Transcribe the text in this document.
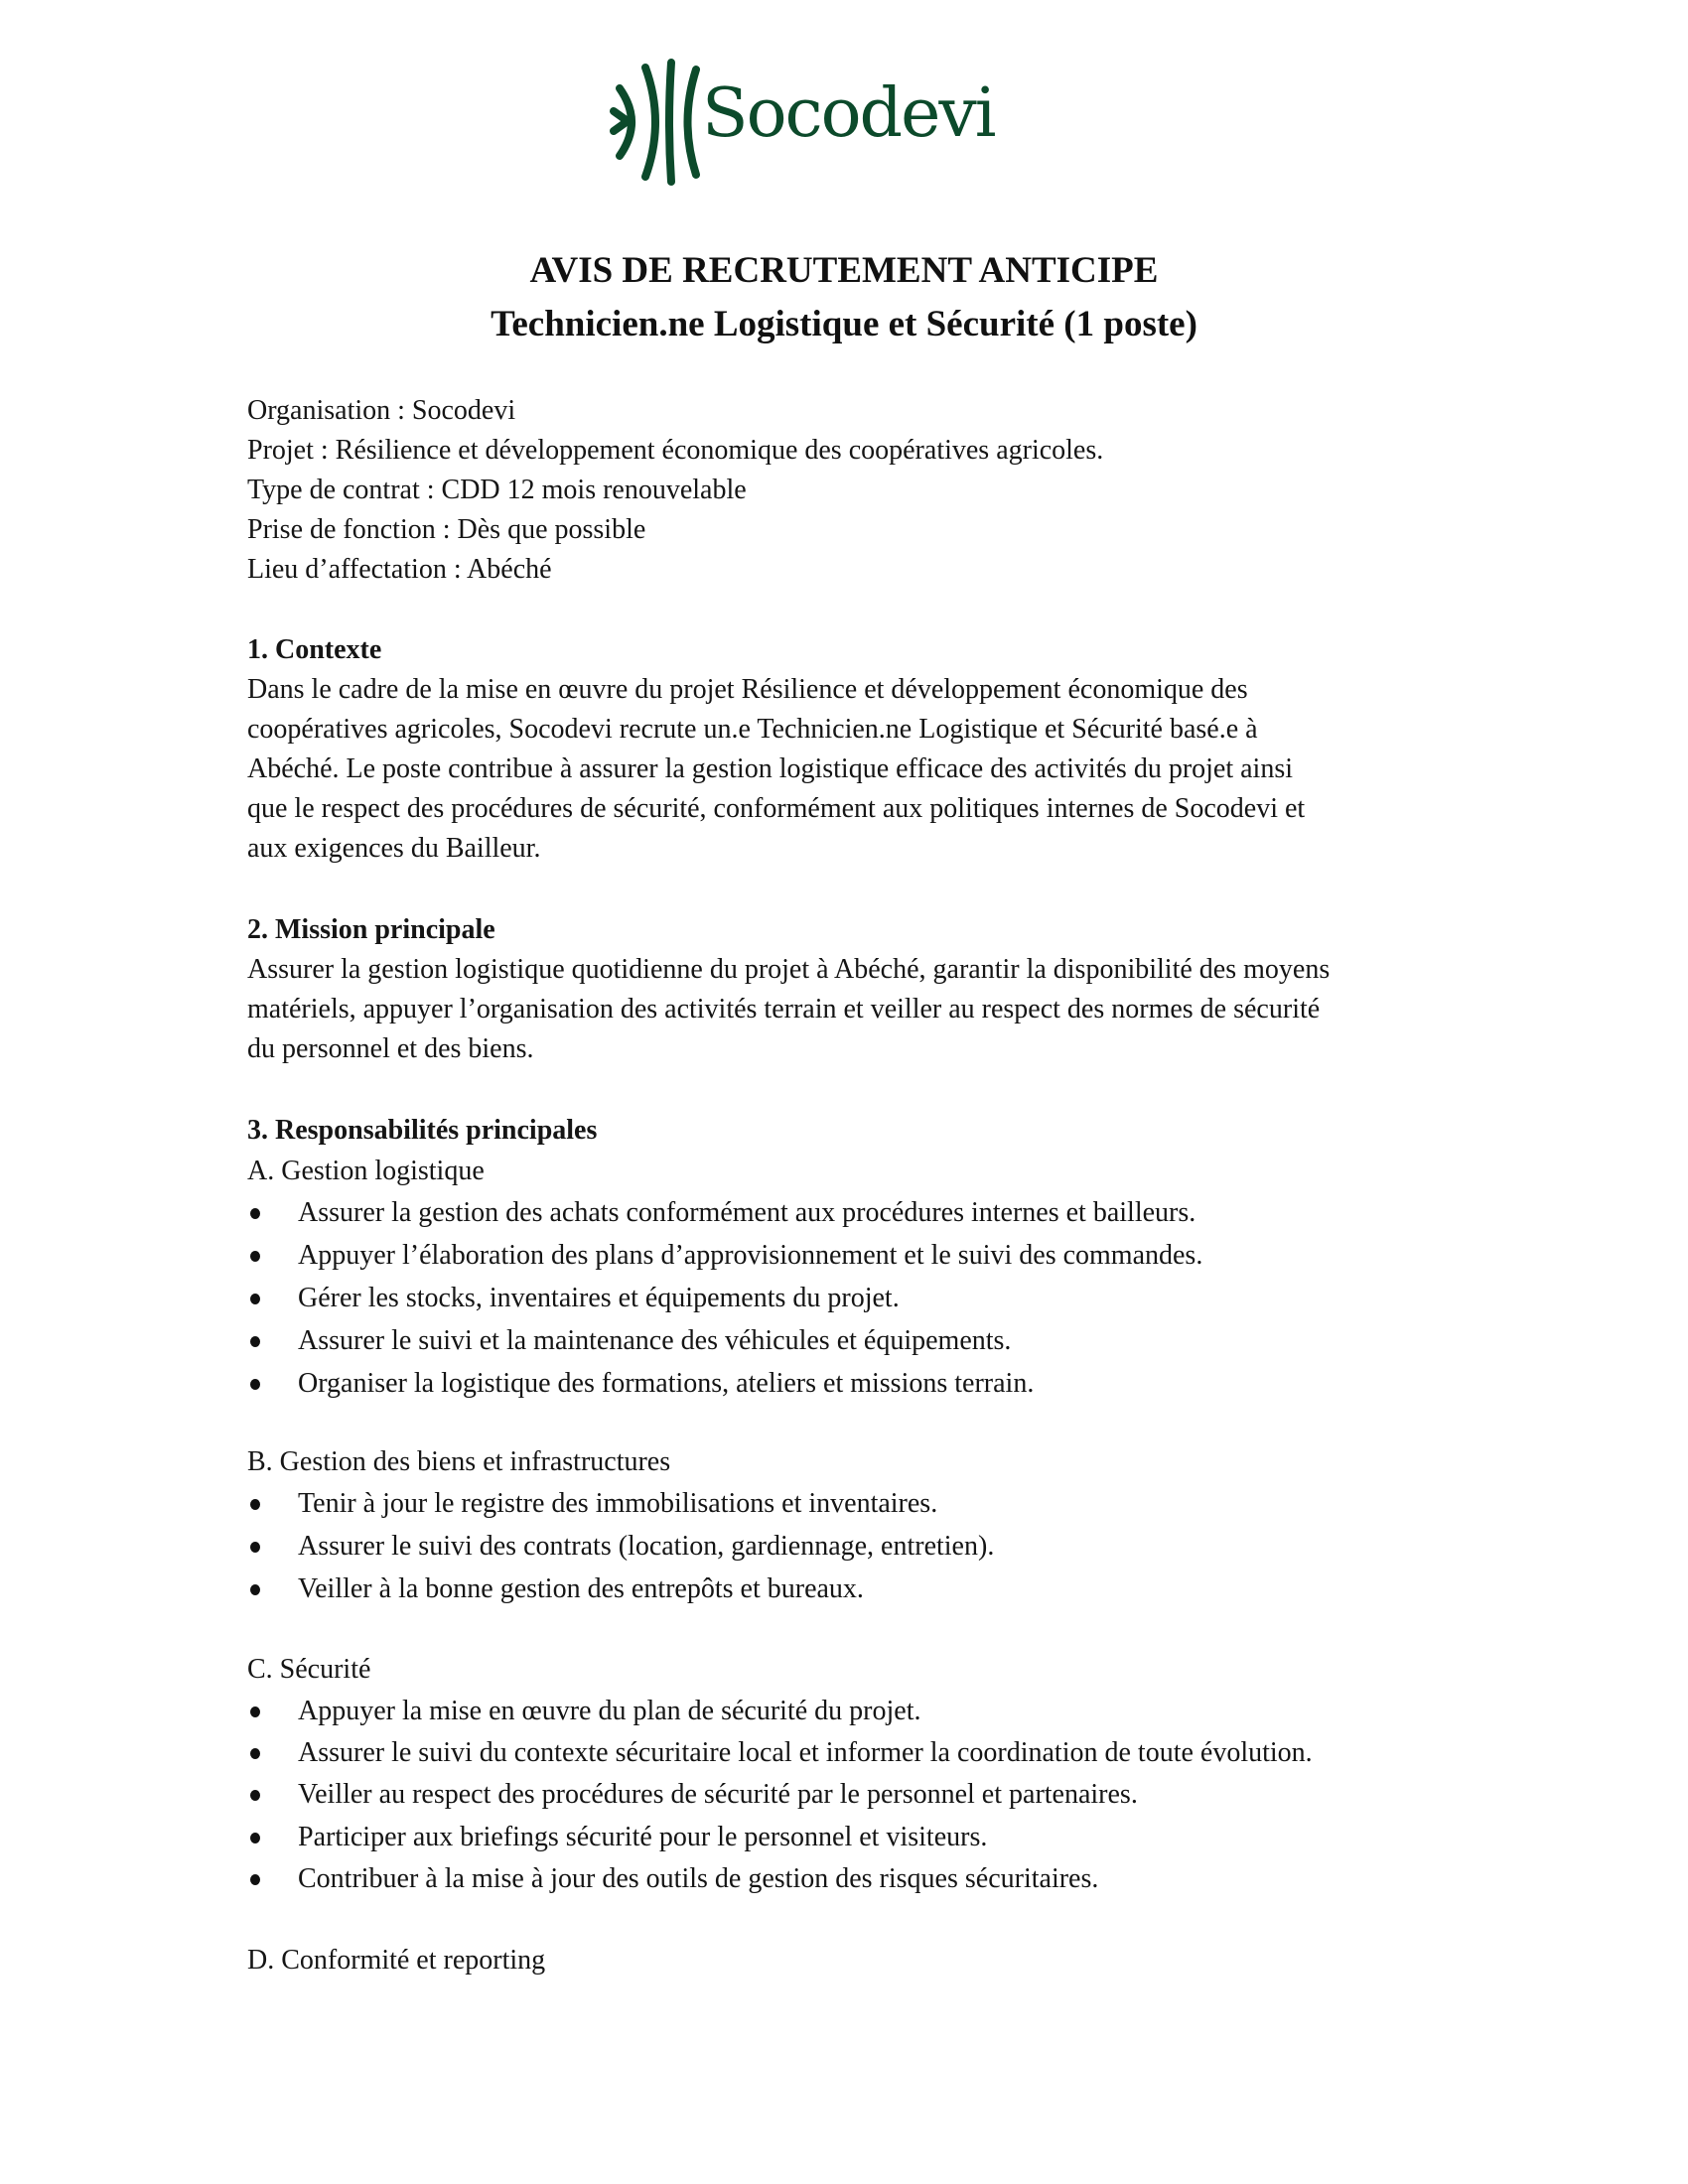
Socodevi
AVIS DE RECRUTEMENT ANTICIPE
Technicien.ne Logistique et Sécurité (1 poste)
Organisation : Socodevi
Projet : Résilience et développement économique des coopératives agricoles.
Type de contrat : CDD 12 mois renouvelable
Prise de fonction : Dès que possible
Lieu d’affectation : Abéché
1. Contexte
Dans le cadre de la mise en œuvre du projet Résilience et développement économique des
coopératives agricoles, Socodevi recrute un.e Technicien.ne Logistique et Sécurité basé.e à
Abéché. Le poste contribue à assurer la gestion logistique efficace des activités du projet ainsi
que le respect des procédures de sécurité, conformément aux politiques internes de Socodevi et
aux exigences du Bailleur.
2. Mission principale
Assurer la gestion logistique quotidienne du projet à Abéché, garantir la disponibilité des moyens
matériels, appuyer l’organisation des activités terrain et veiller au respect des normes de sécurité
du personnel et des biens.
3. Responsabilités principales
A. Gestion logistique
Assurer la gestion des achats conformément aux procédures internes et bailleurs.
Appuyer l’élaboration des plans d’approvisionnement et le suivi des commandes.
Gérer les stocks, inventaires et équipements du projet.
Assurer le suivi et la maintenance des véhicules et équipements.
Organiser la logistique des formations, ateliers et missions terrain.
B. Gestion des biens et infrastructures
Tenir à jour le registre des immobilisations et inventaires.
Assurer le suivi des contrats (location, gardiennage, entretien).
Veiller à la bonne gestion des entrepôts et bureaux.
C. Sécurité
Appuyer la mise en œuvre du plan de sécurité du projet.
Assurer le suivi du contexte sécuritaire local et informer la coordination de toute évolution.
Veiller au respect des procédures de sécurité par le personnel et partenaires.
Participer aux briefings sécurité pour le personnel et visiteurs.
Contribuer à la mise à jour des outils de gestion des risques sécuritaires.
D. Conformité et reporting
